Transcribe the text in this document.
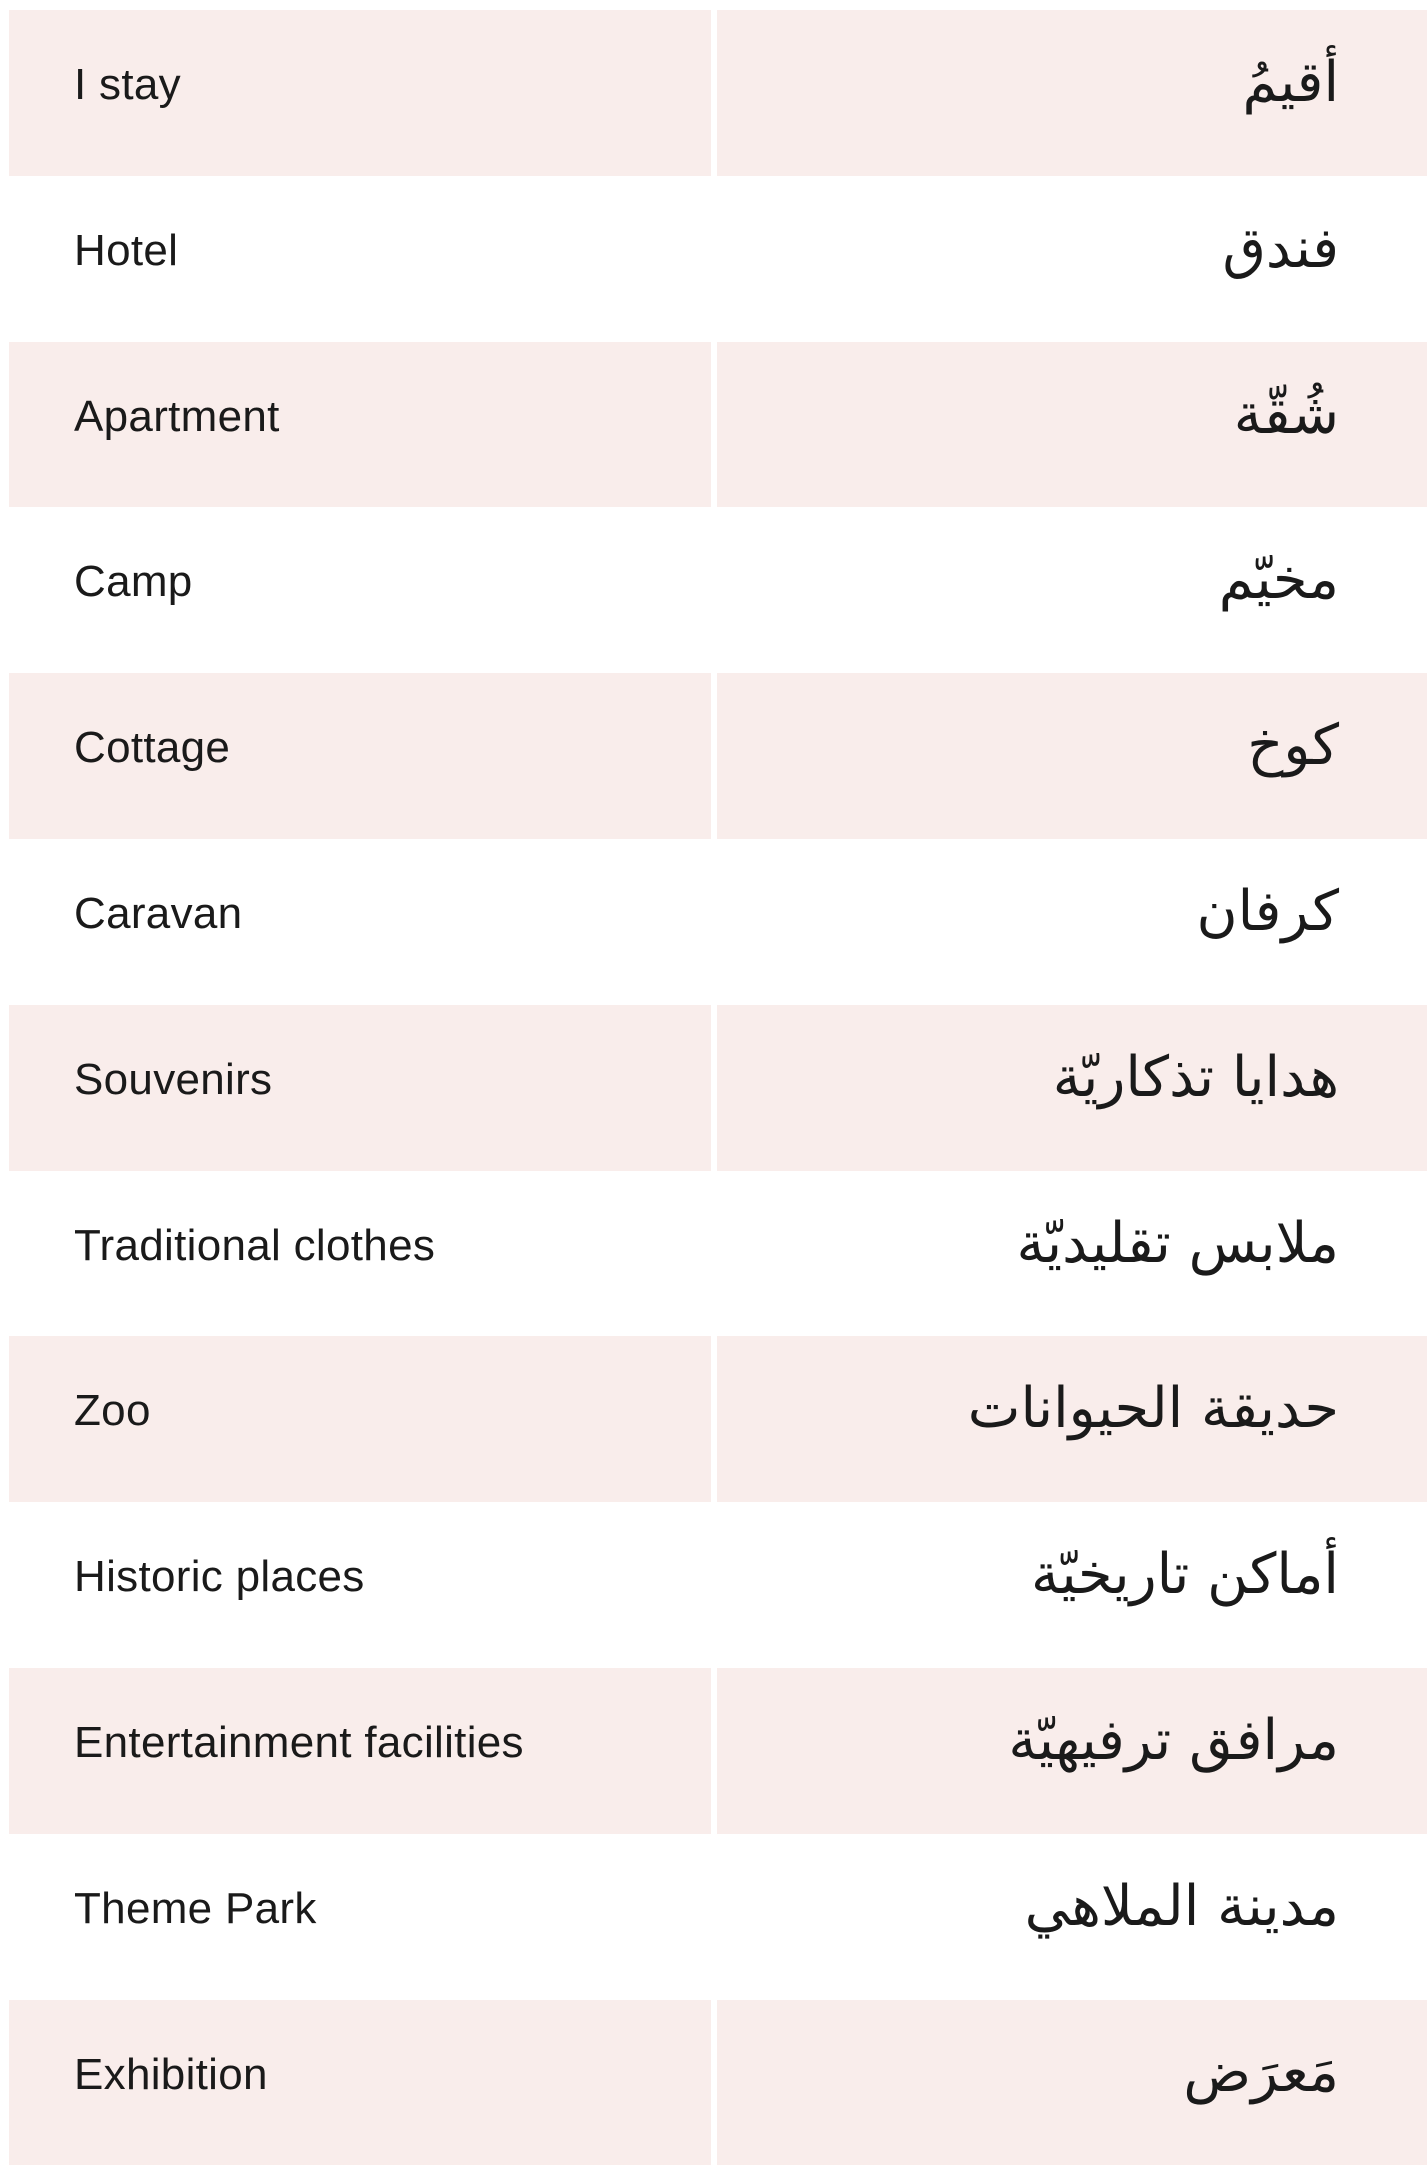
I stay	أقيمُ
Hotel	فندق
Apartment	شُقّة
Camp	مخيّم
Cottage	كوخ
Caravan	كرفان
Souvenirs	هدايا تذكاريّة
Traditional clothes	ملابس تقليديّة
Zoo	حديقة الحيوانات
Historic places	أماكن تاريخيّة
Entertainment facilities	مرافق ترفيهيّة
Theme Park	مدينة الملاهي
Exhibition	مَعرَض
